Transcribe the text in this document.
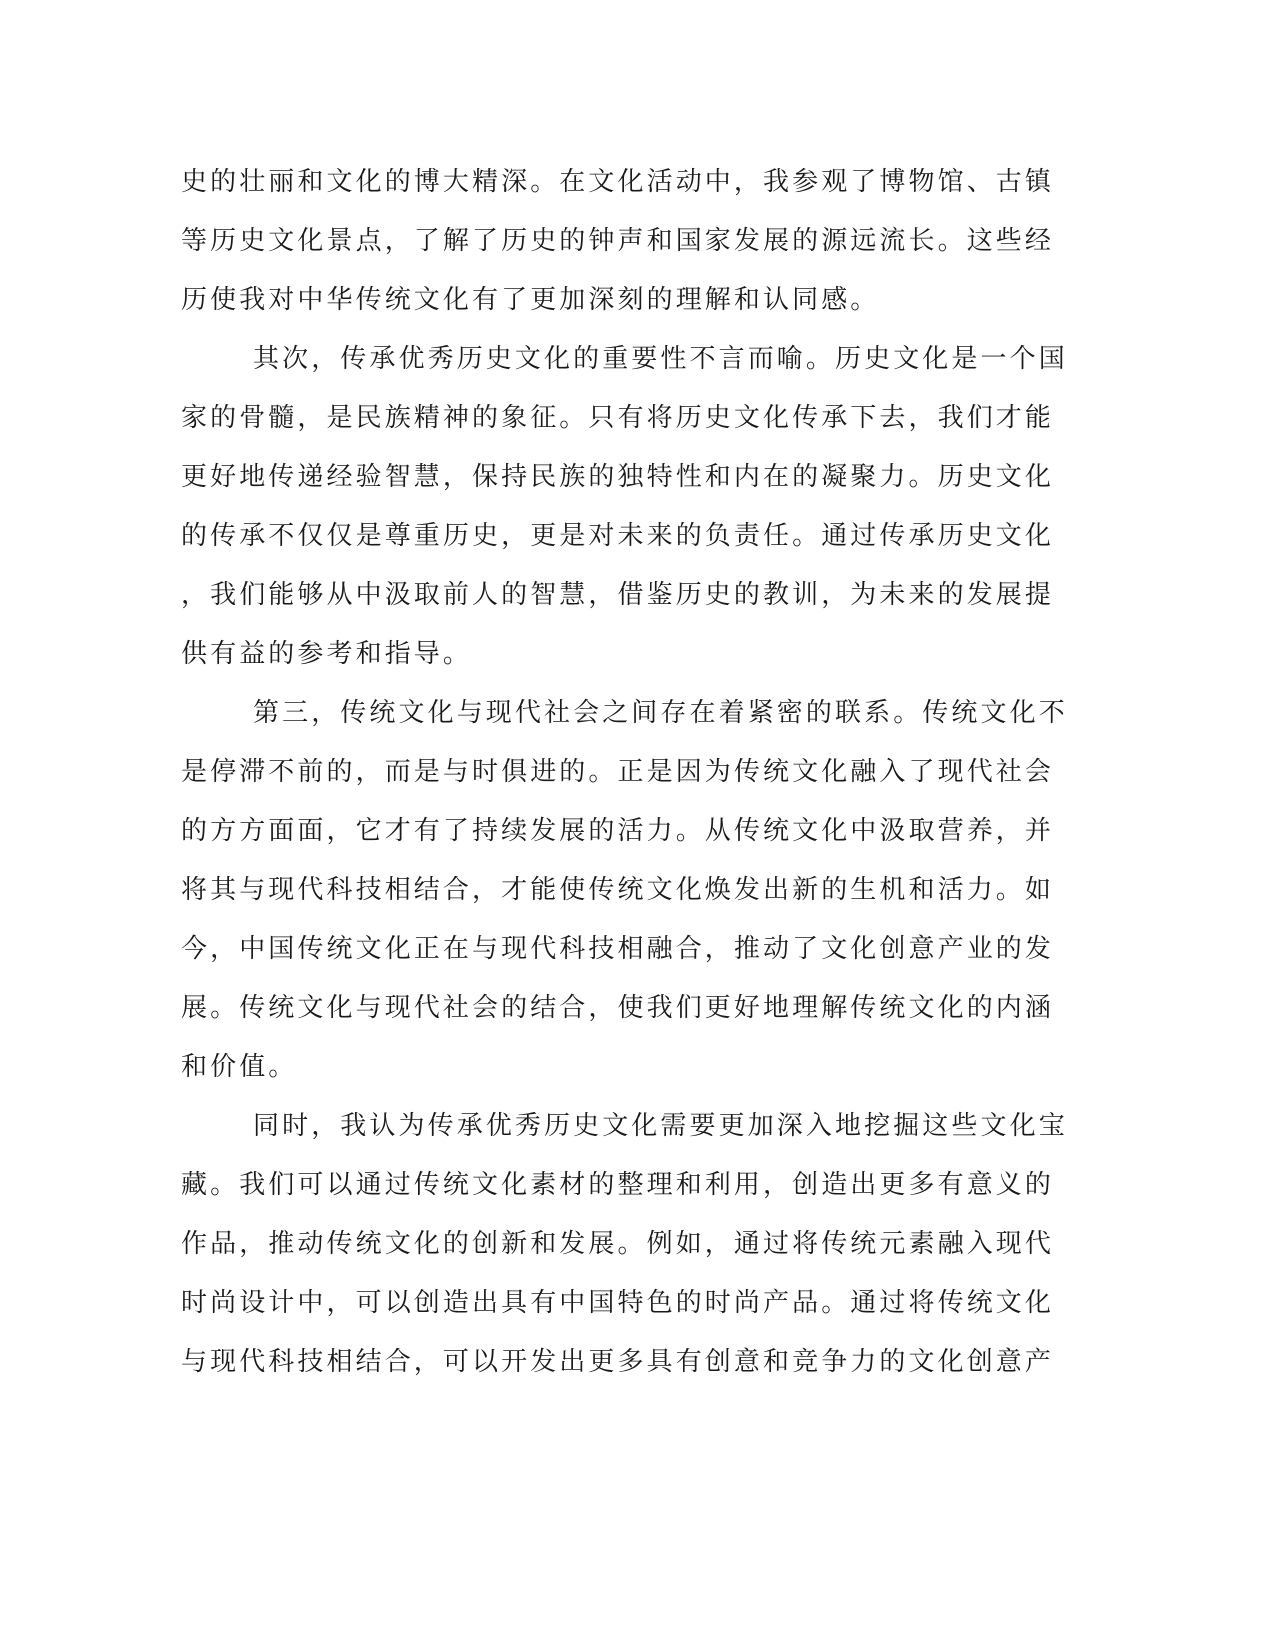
史的壮丽和文化的博大精深。在文化活动中，我参观了博物馆、古镇
等历史文化景点，了解了历史的钟声和国家发展的源远流长。这些经
历使我对中华传统文化有了更加深刻的理解和认同感。
其次，传承优秀历史文化的重要性不言而喻。历史文化是一个国
家的骨髓，是民族精神的象征。只有将历史文化传承下去，我们才能
更好地传递经验智慧，保持民族的独特性和内在的凝聚力。历史文化
的传承不仅仅是尊重历史，更是对未来的负责任。通过传承历史文化
，我们能够从中汲取前人的智慧，借鉴历史的教训，为未来的发展提
供有益的参考和指导。
第三，传统文化与现代社会之间存在着紧密的联系。传统文化不
是停滞不前的，而是与时俱进的。正是因为传统文化融入了现代社会
的方方面面，它才有了持续发展的活力。从传统文化中汲取营养，并
将其与现代科技相结合，才能使传统文化焕发出新的生机和活力。如
今，中国传统文化正在与现代科技相融合，推动了文化创意产业的发
展。传统文化与现代社会的结合，使我们更好地理解传统文化的内涵
和价值。
同时，我认为传承优秀历史文化需要更加深入地挖掘这些文化宝
藏。我们可以通过传统文化素材的整理和利用，创造出更多有意义的
作品，推动传统文化的创新和发展。例如，通过将传统元素融入现代
时尚设计中，可以创造出具有中国特色的时尚产品。通过将传统文化
与现代科技相结合，可以开发出更多具有创意和竞争力的文化创意产
